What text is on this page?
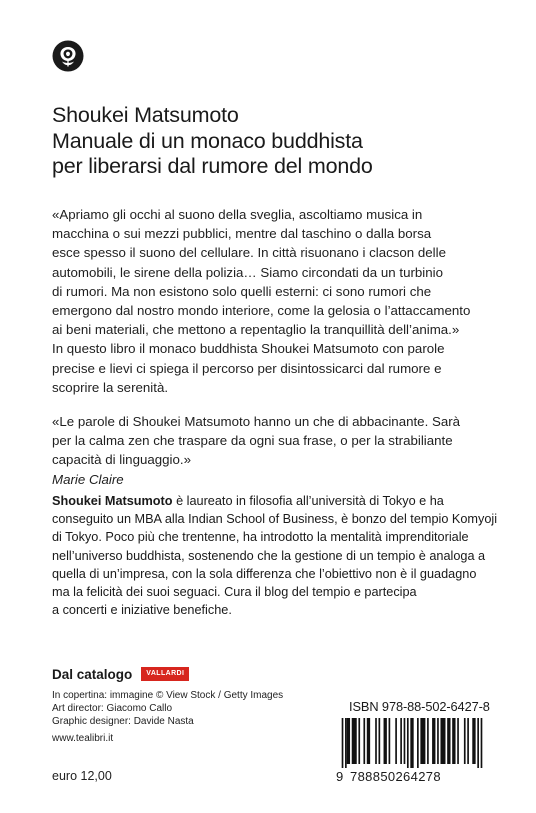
Shoukei Matsumoto
Manuale di un monaco buddhista
per liberarsi dal rumore del mondo
«Apriamo gli occhi al suono della sveglia, ascoltiamo musica in
macchina o sui mezzi pubblici, mentre dal taschino o dalla borsa
esce spesso il suono del cellulare. In città risuonano i clacson delle
automobili, le sirene della polizia… Siamo circondati da un turbinio
di rumori. Ma non esistono solo quelli esterni: ci sono rumori che
emergono dal nostro mondo interiore, come la gelosia o l’attaccamento
ai beni materiali, che mettono a repentaglio la tranquillità dell’anima.»
In questo libro il monaco buddhista Shoukei Matsumoto con parole
precise e lievi ci spiega il percorso per disintossicarci dal rumore e
scoprire la serenità.
«Le parole di Shoukei Matsumoto hanno un che di abbacinante. Sarà
per la calma zen che traspare da ogni sua frase, o per la strabiliante
capacità di linguaggio.»
Marie Claire
Shoukei Matsumoto è laureato in filosofia all’università di Tokyo e ha
conseguito un MBA alla Indian School of Business, è bonzo del tempio Komyoji
di Tokyo. Poco più che trentenne, ha introdotto la mentalità imprenditoriale
nell’universo buddhista, sostenendo che la gestione di un tempio è analoga a
quella di un’impresa, con la sola differenza che l’obiettivo non è il guadagno
ma la felicità dei suoi seguaci. Cura il blog del tempio e partecipa
a concerti e iniziative benefiche.
Dal catalogo	VALLARDI
In copertina: immagine © View Stock / Getty Images
Art director: Giacomo Callo
Graphic designer: Davide Nasta
www.tealibri.it
euro 12,00
ISBN 978-88-502-6427-8
9 788850264278
